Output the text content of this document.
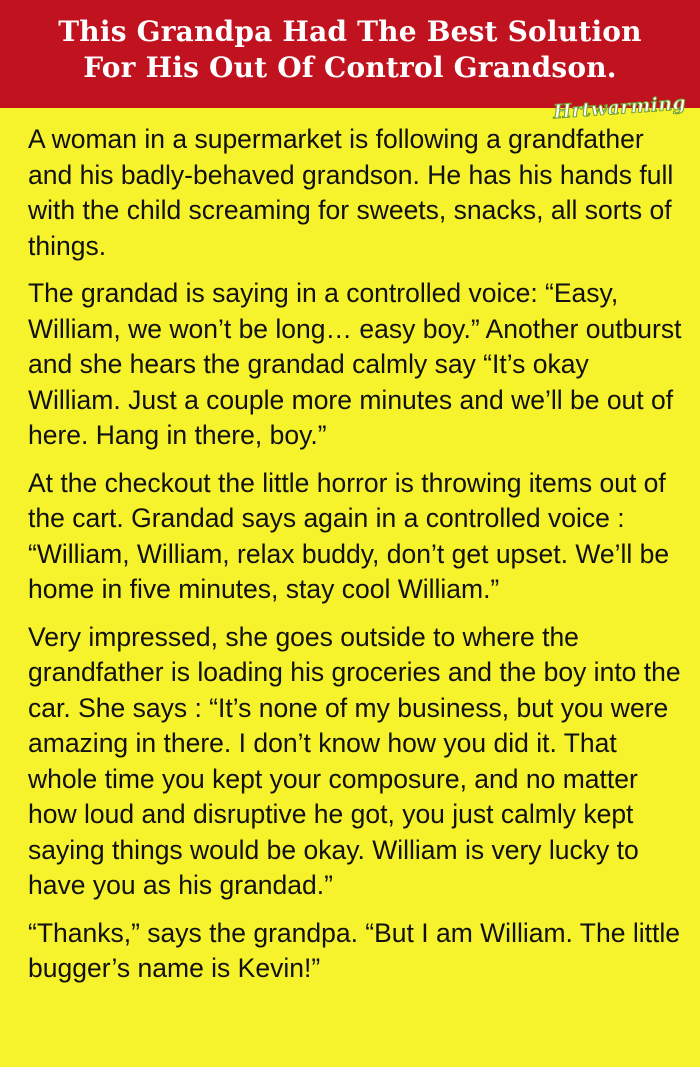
This Grandpa Had The Best Solution
For His Out Of Control Grandson.
Hrtwarming

A woman in a supermarket is following a grandfather and his badly-behaved grandson. He has his hands full with the child screaming for sweets, snacks, all sorts of things.

The grandad is saying in a controlled voice: “Easy, William, we won’t be long… easy boy.” Another outburst and she hears the grandad calmly say “It’s okay William. Just a couple more minutes and we’ll be out of here. Hang in there, boy.”

At the checkout the little horror is throwing items out of the cart. Grandad says again in a controlled voice : “William, William, relax buddy, don’t get upset. We’ll be home in five minutes, stay cool William.”

Very impressed, she goes outside to where the grandfather is loading his groceries and the boy into the car. She says : “It’s none of my business, but you were amazing in there. I don’t know how you did it. That whole time you kept your composure, and no matter how loud and disruptive he got, you just calmly kept saying things would be okay. William is very lucky to have you as his grandad.”

“Thanks,” says the grandpa. “But I am William. The little bugger’s name is Kevin!”
